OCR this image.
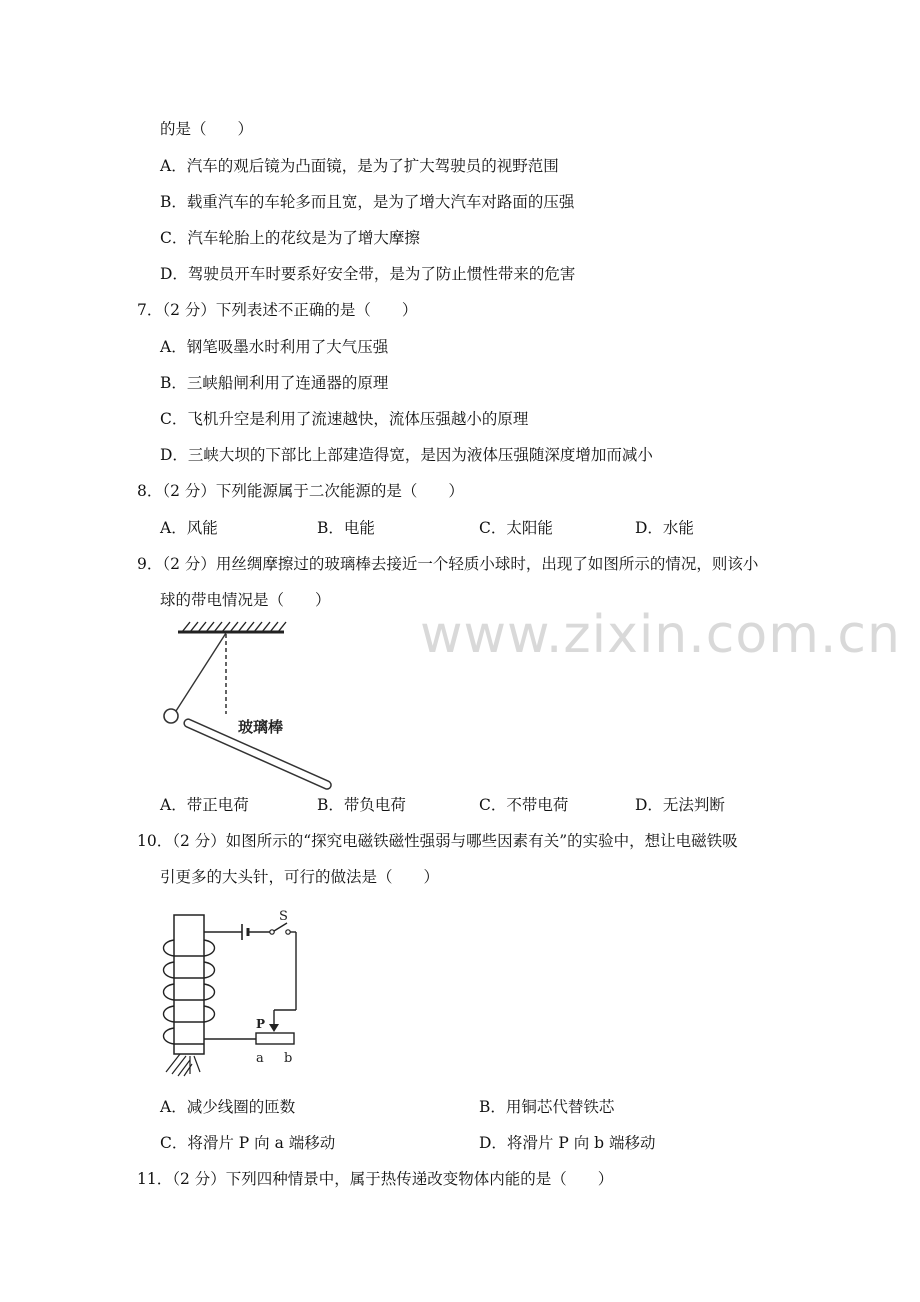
www.zixin.com.cn
的是（　　）
A．汽车的观后镜为凸面镜，是为了扩大驾驶员的视野范围
B．载重汽车的车轮多而且宽，是为了增大汽车对路面的压强
C．汽车轮胎上的花纹是为了增大摩擦
D．驾驶员开车时要系好安全带，是为了防止惯性带来的危害
7．（2 分）下列表述不正确的是（　　）
A．钢笔吸墨水时利用了大气压强
B．三峡船闸利用了连通器的原理
C．飞机升空是利用了流速越快，流体压强越小的原理
D．三峡大坝的下部比上部建造得宽，是因为液体压强随深度增加而减小
8．（2 分）下列能源属于二次能源的是（　　）
A．风能	B．电能	C．太阳能	D．水能
9．（2 分）用丝绸摩擦过的玻璃棒去接近一个轻质小球时，出现了如图所示的情况，则该小
球的带电情况是（　　）
玻璃棒
A．带正电荷	B．带负电荷	C．不带电荷	D．无法判断
10．（2 分）如图所示的“探究电磁铁磁性强弱与哪些因素有关”的实验中，想让电磁铁吸
引更多的大头针，可行的做法是（　　）
S
P
a b
A．减少线圈的匝数	B．用铜芯代替铁芯
C．将滑片 P 向 a 端移动	D．将滑片 P 向 b 端移动
11．（2 分）下列四种情景中，属于热传递改变物体内能的是（　　）
